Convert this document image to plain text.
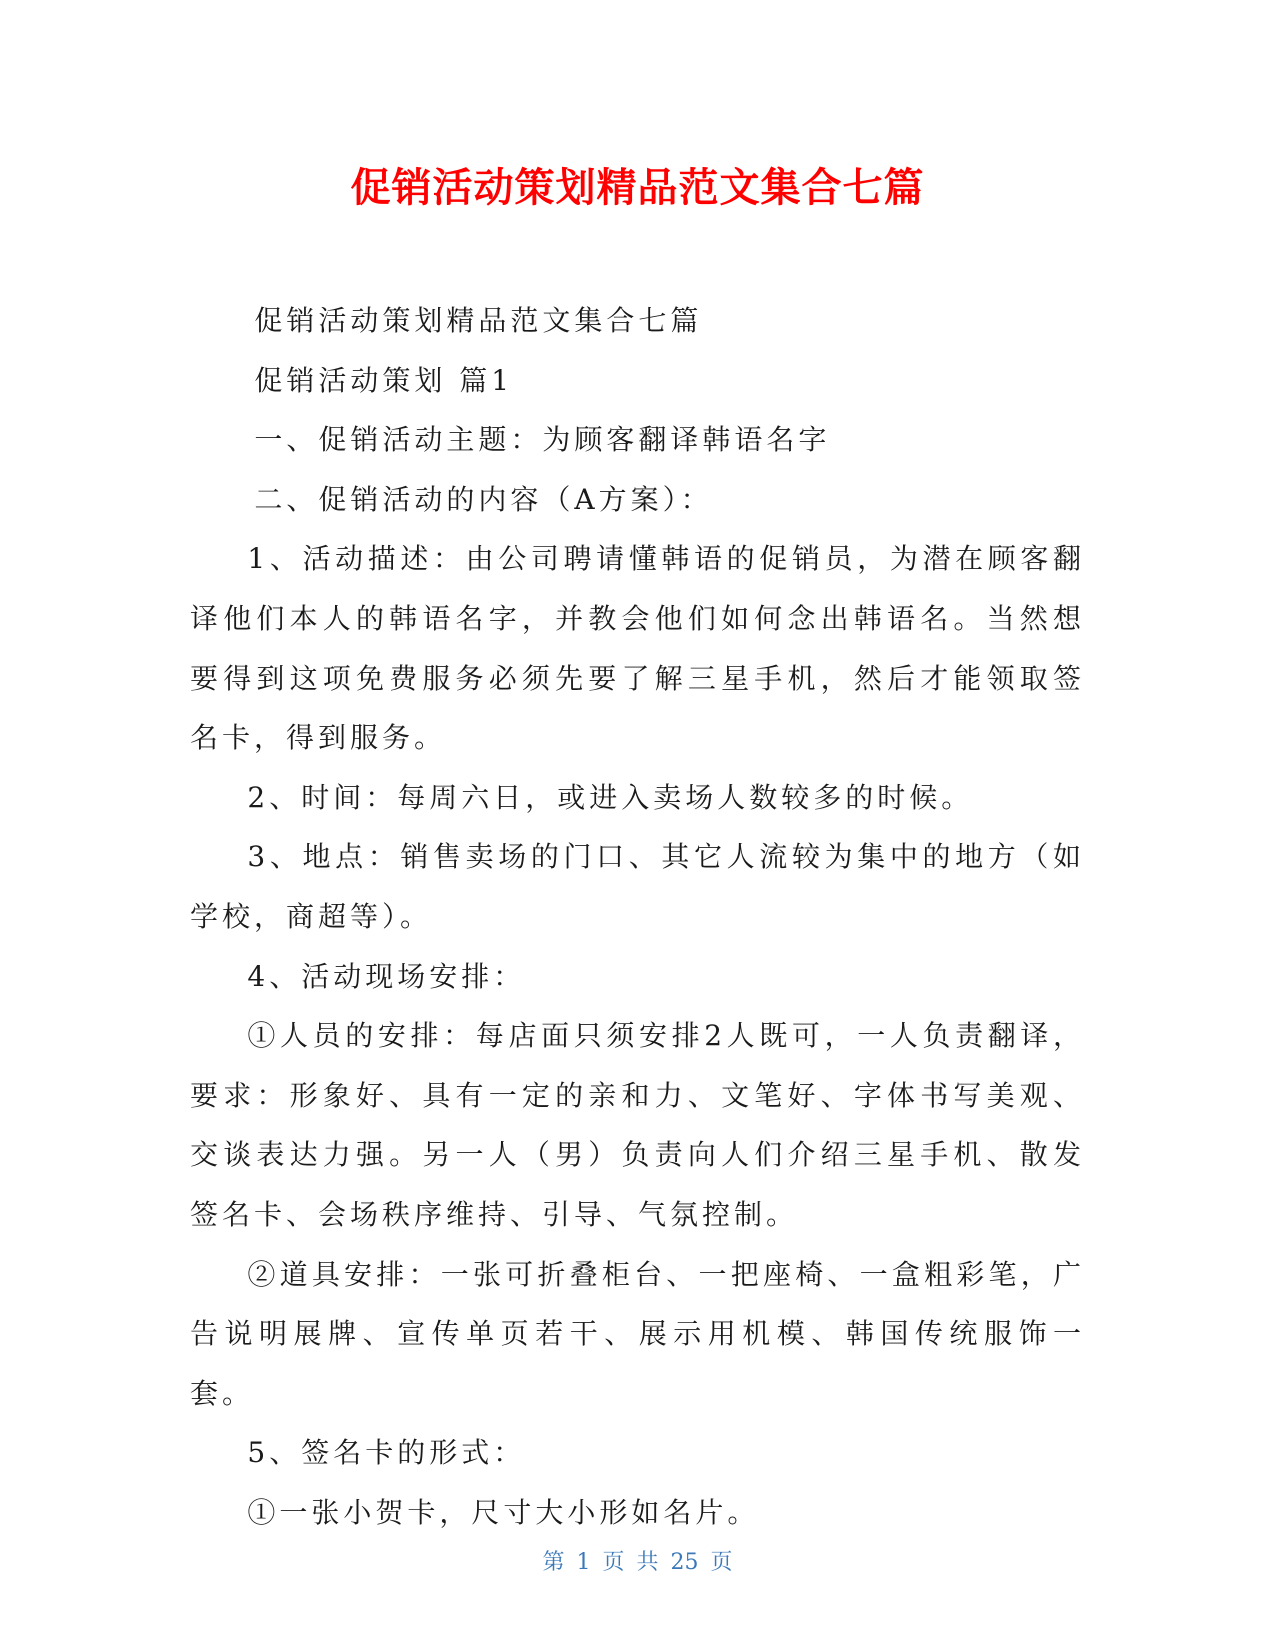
促销活动策划精品范文集合七篇

促销活动策划精品范文集合七篇

促销活动策划 篇1

一、促销活动主题：为顾客翻译韩语名字

二、促销活动的内容（A方案）：

1、活动描述：由公司聘请懂韩语的促销员，为潜在顾客翻译他们本人的韩语名字，并教会他们如何念出韩语名。当然想要得到这项免费服务必须先要了解三星手机，然后才能领取签名卡，得到服务。

2、时间：每周六日，或进入卖场人数较多的时候。

3、地点：销售卖场的门口、其它人流较为集中的地方（如学校，商超等）。

4、活动现场安排：

①人员的安排：每店面只须安排2人既可，一人负责翻译，要求：形象好、具有一定的亲和力、文笔好、字体书写美观、交谈表达力强。另一人（男）负责向人们介绍三星手机、散发签名卡、会场秩序维持、引导、气氛控制。

②道具安排：一张可折叠柜台、一把座椅、一盒粗彩笔，广告说明展牌、宣传单页若干、展示用机模、韩国传统服饰一套。

5、签名卡的形式：

①一张小贺卡，尺寸大小形如名片。

第 1 页 共 25 页
